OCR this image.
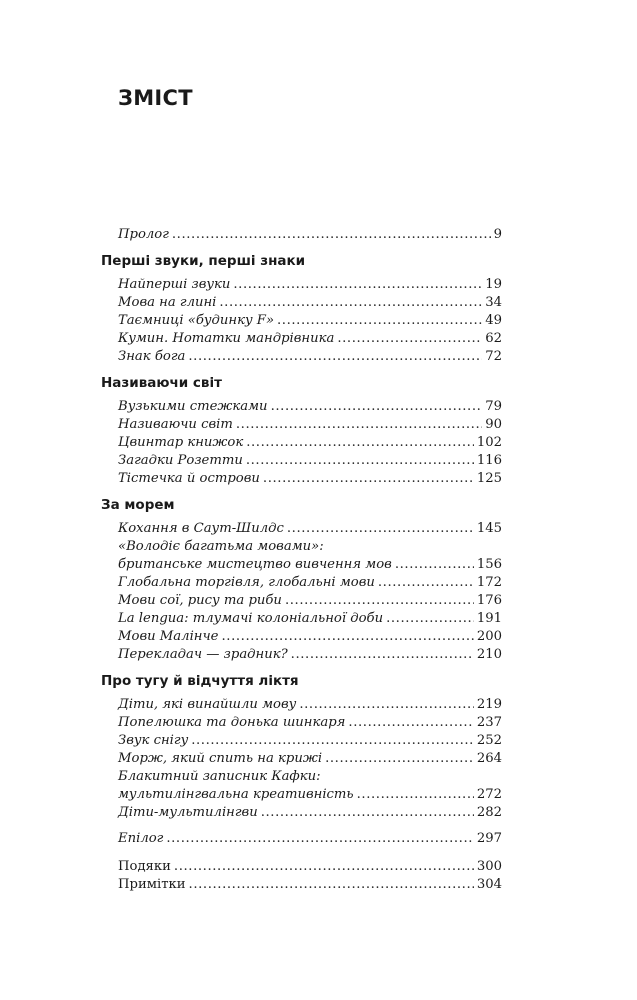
ЗМІСТ
Пролог .....	9
Перші звуки, перші знаки
Найперші звуки .....	19
Мова на глині .....	34
Таємниці «будинку F» .....	49
Кумин. Нотатки мандрівника .....	62
Знак бога .....	72
Називаючи світ
Вузькими стежками .....	79
Називаючи світ .....	90
Цвинтар книжок .....	102
Загадки Розетти .....	116
Тістечка й острови .....	125
За морем
Кохання в Саут-Шилдс .....	145
«Володіє багатьма мовами»:
британське мистецтво вивчення мов .....	156
Глобальна торгівля, глобальні мови .....	172
Мови сої, рису та риби .....	176
La lengua: тлумачі колоніальної доби .....	191
Мови Малінче .....	200
Перекладач — зрадник? .....	210
Про тугу й відчуття ліктя
Діти, які винайшли мову .....	219
Попелюшка та донька шинкаря .....	237
Звук снігу .....	252
Морж, який спить на крижі .....	264
Блакитний записник Кафки:
мультилінгвальна креативність .....	272
Діти-мультилінгви .....	282
Епілог .....	297
Подяки .....	300
Примітки .....	304
